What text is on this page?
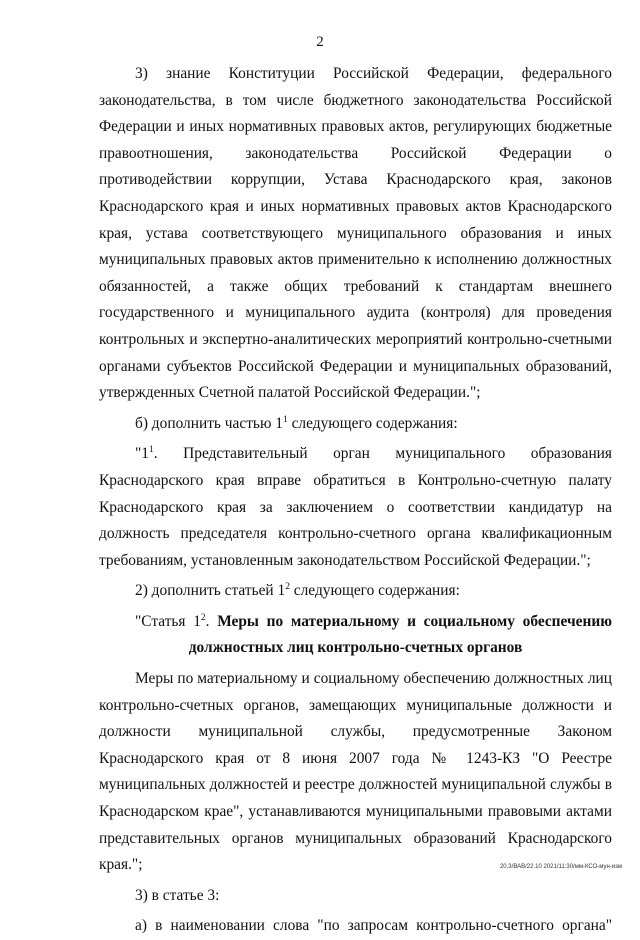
2

3) знание Конституции Российской Федерации, федерального законодательства, в том числе бюджетного законодательства Российской Федерации и иных нормативных правовых актов, регулирующих бюджетные правоотношения, законодательства Российской Федерации о противодействии коррупции, Устава Краснодарского края, законов Краснодарского края и иных нормативных правовых актов Краснодарского края, устава соответствующего муниципального образования и иных муниципальных правовых актов применительно к исполнению должностных обязанностей, а также общих требований к стандартам внешнего государственного и муниципального аудита (контроля) для проведения контрольных и экспертно-аналитических мероприятий контрольно-счетными органами субъектов Российской Федерации и муниципальных образований, утвержденных Счетной палатой Российской Федерации.";

б) дополнить частью $1^1$ следующего содержания:

"$1^1$. Представительный орган муниципального образования Краснодарского края вправе обратиться в Контрольно-счетную палату Краснодарского края за заключением о соответствии кандидатур на должность председателя контрольно-счетного органа квалификационным требованиям, установленным законодательством Российской Федерации.";

2) дополнить статьей $1^2$ следующего содержания:

"Статья $1^2$. Меры по материальному и социальному обеспечению

должностных лиц контрольно-счетных органов

Меры по материальному и социальному обеспечению должностных лиц контрольно-счетных органов, замещающих муниципальные должности и должности муниципальной службы, предусмотренные Законом Краснодарского края от 8 июня 2007 года № 1243-КЗ "О Реестре муниципальных должностей и реестре должностей муниципальной службы в Краснодарском крае", устанавливаются муниципальными правовыми актами представительных органов муниципальных образований Краснодарского края.";

3) в статье 3:

а) в наименовании слова "по запросам контрольно-счетного органа"

20.3/ВАВ/22.10 2021/11:30/мм-КСО-мун-изм
